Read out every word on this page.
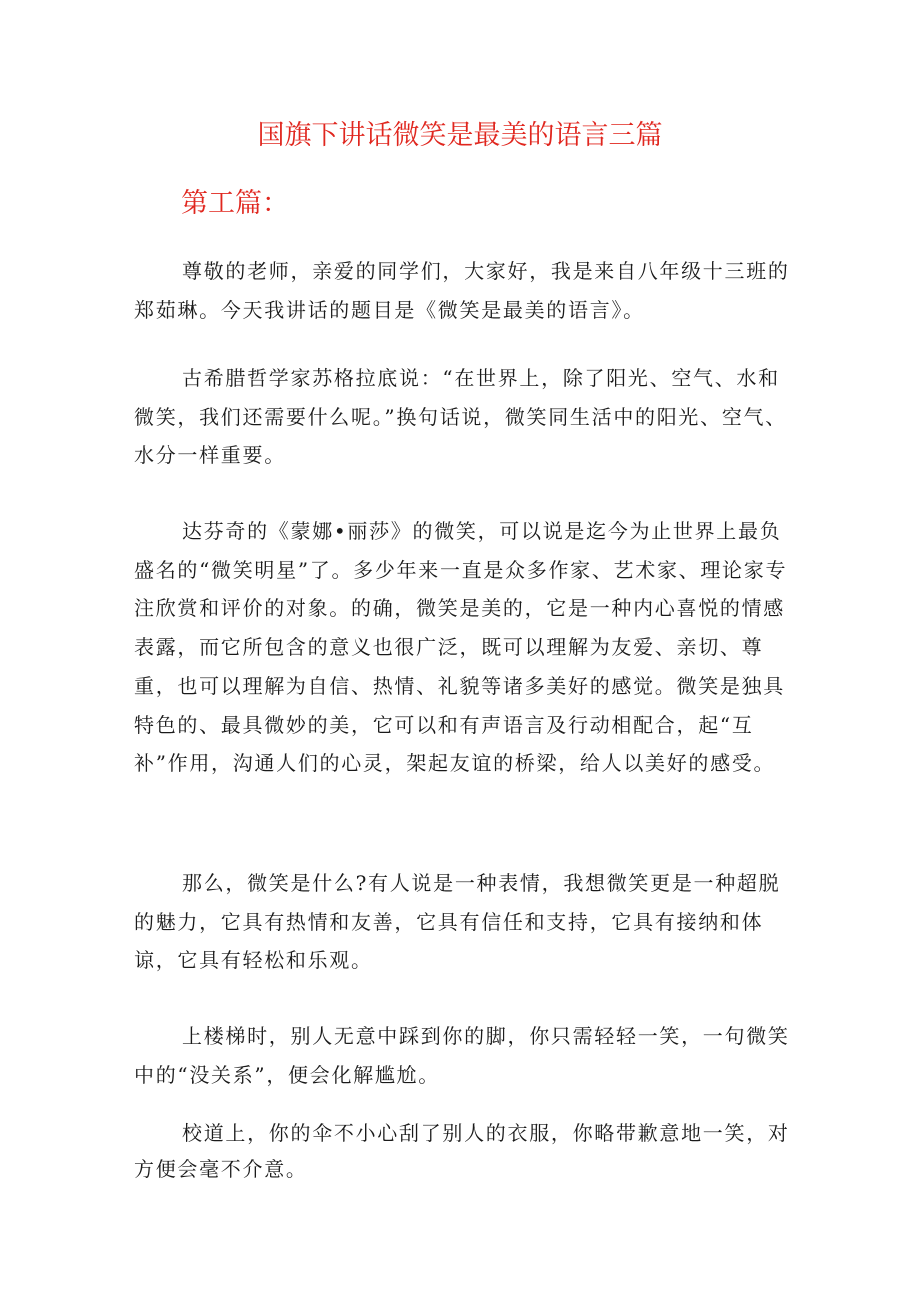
国旗下讲话微笑是最美的语言三篇
第工篇：

尊敬的老师，亲爱的同学们，大家好，我是来自八年级十三班的郑茹琳。今天我讲话的题目是《微笑是最美的语言》。

古希腊哲学家苏格拉底说：“在世界上，除了阳光、空气、水和微笑，我们还需要什么呢。”换句话说，微笑同生活中的阳光、空气、水分一样重要。

达芬奇的《蒙娜•丽莎》的微笑，可以说是迄今为止世界上最负盛名的“微笑明星”了。多少年来一直是众多作家、艺术家、理论家专注欣赏和评价的对象。的确，微笑是美的，它是一种内心喜悦的情感表露，而它所包含的意义也很广泛，既可以理解为友爱、亲切、尊重，也可以理解为自信、热情、礼貌等诸多美好的感觉。微笑是独具特色的、最具微妙的美，它可以和有声语言及行动相配合，起“互补”作用，沟通人们的心灵，架起友谊的桥梁，给人以美好的感受。

那么，微笑是什么?有人说是一种表情，我想微笑更是一种超脱的魅力，它具有热情和友善，它具有信任和支持，它具有接纳和体谅，它具有轻松和乐观。

上楼梯时，别人无意中踩到你的脚，你只需轻轻一笑，一句微笑中的“没关系”，便会化解尴尬。

校道上，你的伞不小心刮了别人的衣服，你略带歉意地一笑，对方便会毫不介意。
